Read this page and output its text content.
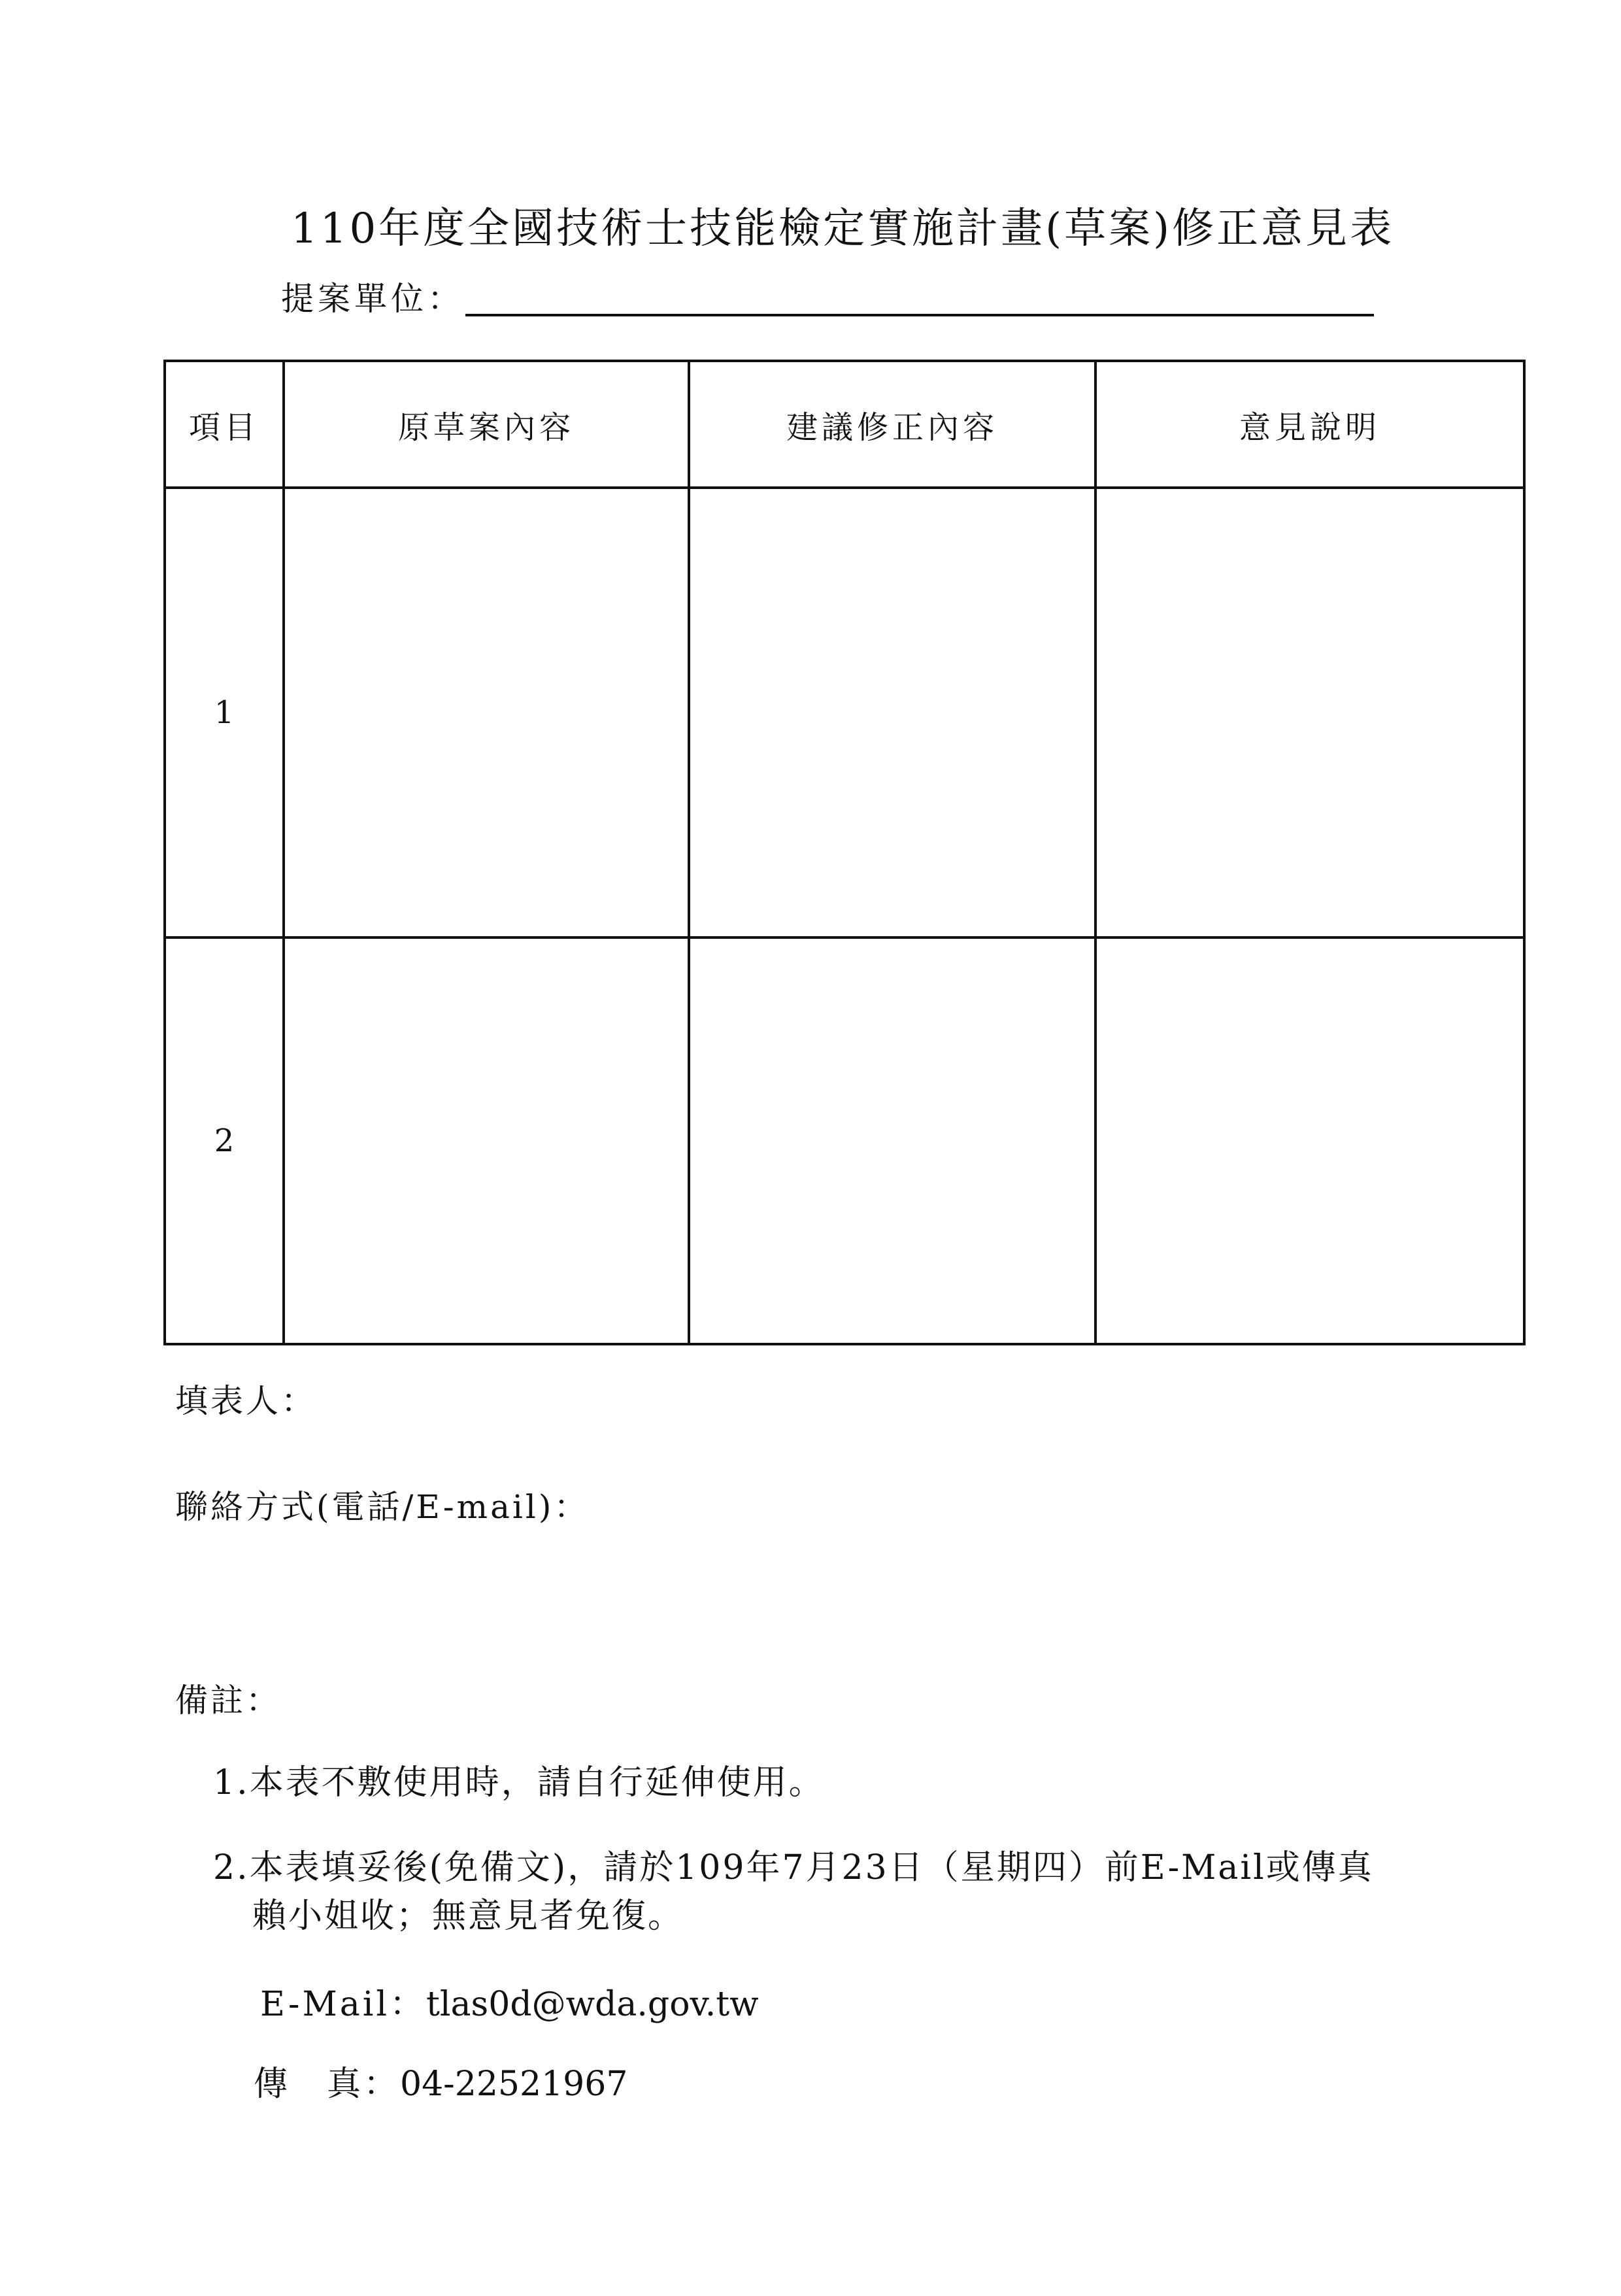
110年度全國技術士技能檢定實施計畫(草案)修正意見表
提案單位：
項目	原草案內容	建議修正內容	意見說明
1			
2			
填表人：
聯絡方式(電話/E-mail)：
備註：
1.本表不敷使用時，請自行延伸使用。
2.本表填妥後(免備文)，請於109年7月23日（星期四）前E-Mail或傳真
賴小姐收；無意見者免復。
E-Mail：tlas0d@wda.gov.tw
傳　真：04-22521967
